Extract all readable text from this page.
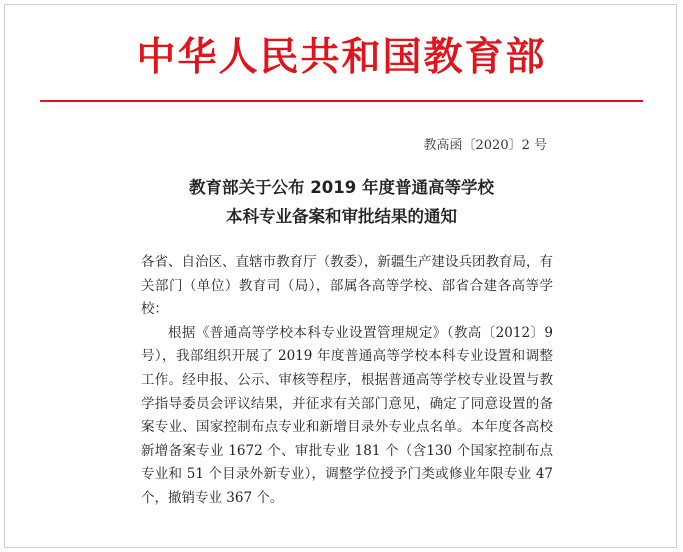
中华人民共和国教育部
教高函〔2020〕2 号
教育部关于公布 2019 年度普通高等学校
本科专业备案和审批结果的通知

各省、自治区、直辖市教育厅（教委），新疆生产建设兵团教育局，有关部门（单位）教育司（局），部属各高等学校、部省合建各高等学校：

根据《普通高等学校本科专业设置管理规定》（教高〔2012〕9 号），我部组织开展了 2019 年度普通高等学校本科专业设置和调整工作。经申报、公示、审核等程序，根据普通高等学校专业设置与教学指导委员会评议结果，并征求有关部门意见，确定了同意设置的备案专业、国家控制布点专业和新增目录外专业点名单。本年度各高校新增备案专业 1672 个、审批专业 181 个（含130 个国家控制布点专业和 51 个目录外新专业），调整学位授予门类或修业年限专业 47 个，撤销专业 367 个。
